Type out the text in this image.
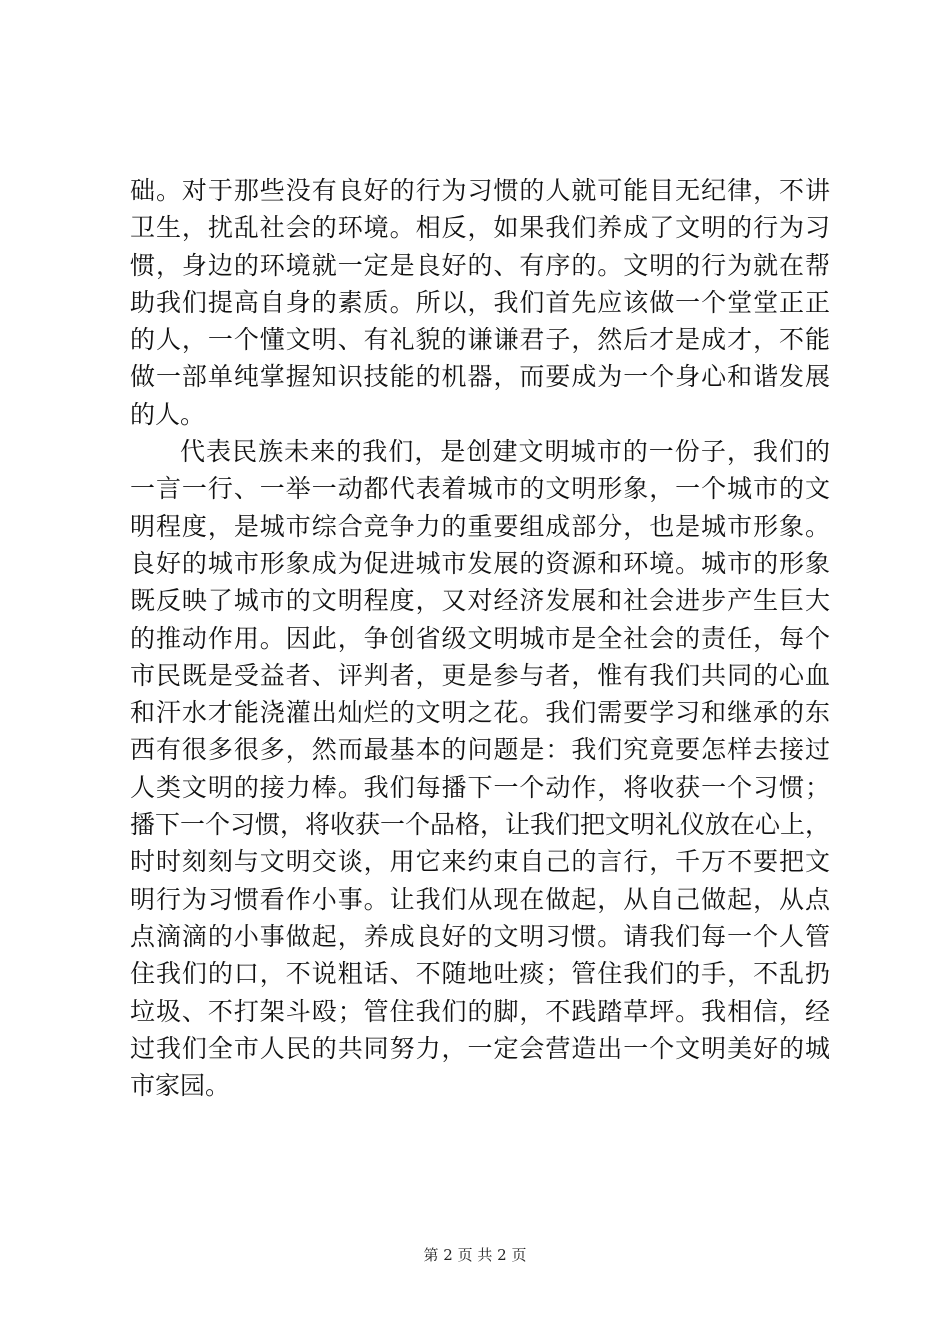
础。对于那些没有良好的行为习惯的人就可能目无纪律，不讲
卫生，扰乱社会的环境。相反，如果我们养成了文明的行为习
惯，身边的环境就一定是良好的、有序的。文明的行为就在帮
助我们提高自身的素质。所以，我们首先应该做一个堂堂正正
的人，一个懂文明、有礼貌的谦谦君子，然后才是成才，不能
做一部单纯掌握知识技能的机器，而要成为一个身心和谐发展
的人。
代表民族未来的我们，是创建文明城市的一份子，我们的
一言一行、一举一动都代表着城市的文明形象，一个城市的文
明程度，是城市综合竞争力的重要组成部分，也是城市形象。
良好的城市形象成为促进城市发展的资源和环境。城市的形象
既反映了城市的文明程度，又对经济发展和社会进步产生巨大
的推动作用。因此，争创省级文明城市是全社会的责任，每个
市民既是受益者、评判者，更是参与者，惟有我们共同的心血
和汗水才能浇灌出灿烂的文明之花。我们需要学习和继承的东
西有很多很多，然而最基本的问题是：我们究竟要怎样去接过
人类文明的接力棒。我们每播下一个动作，将收获一个习惯；
播下一个习惯，将收获一个品格，让我们把文明礼仪放在心上，
时时刻刻与文明交谈，用它来约束自己的言行，千万不要把文
明行为习惯看作小事。让我们从现在做起，从自己做起，从点
点滴滴的小事做起，养成良好的文明习惯。请我们每一个人管
住我们的口，不说粗话、不随地吐痰；管住我们的手，不乱扔
垃圾、不打架斗殴；管住我们的脚，不践踏草坪。我相信，经
过我们全市人民的共同努力，一定会营造出一个文明美好的城
市家园。
第 2 页 共 2 页
